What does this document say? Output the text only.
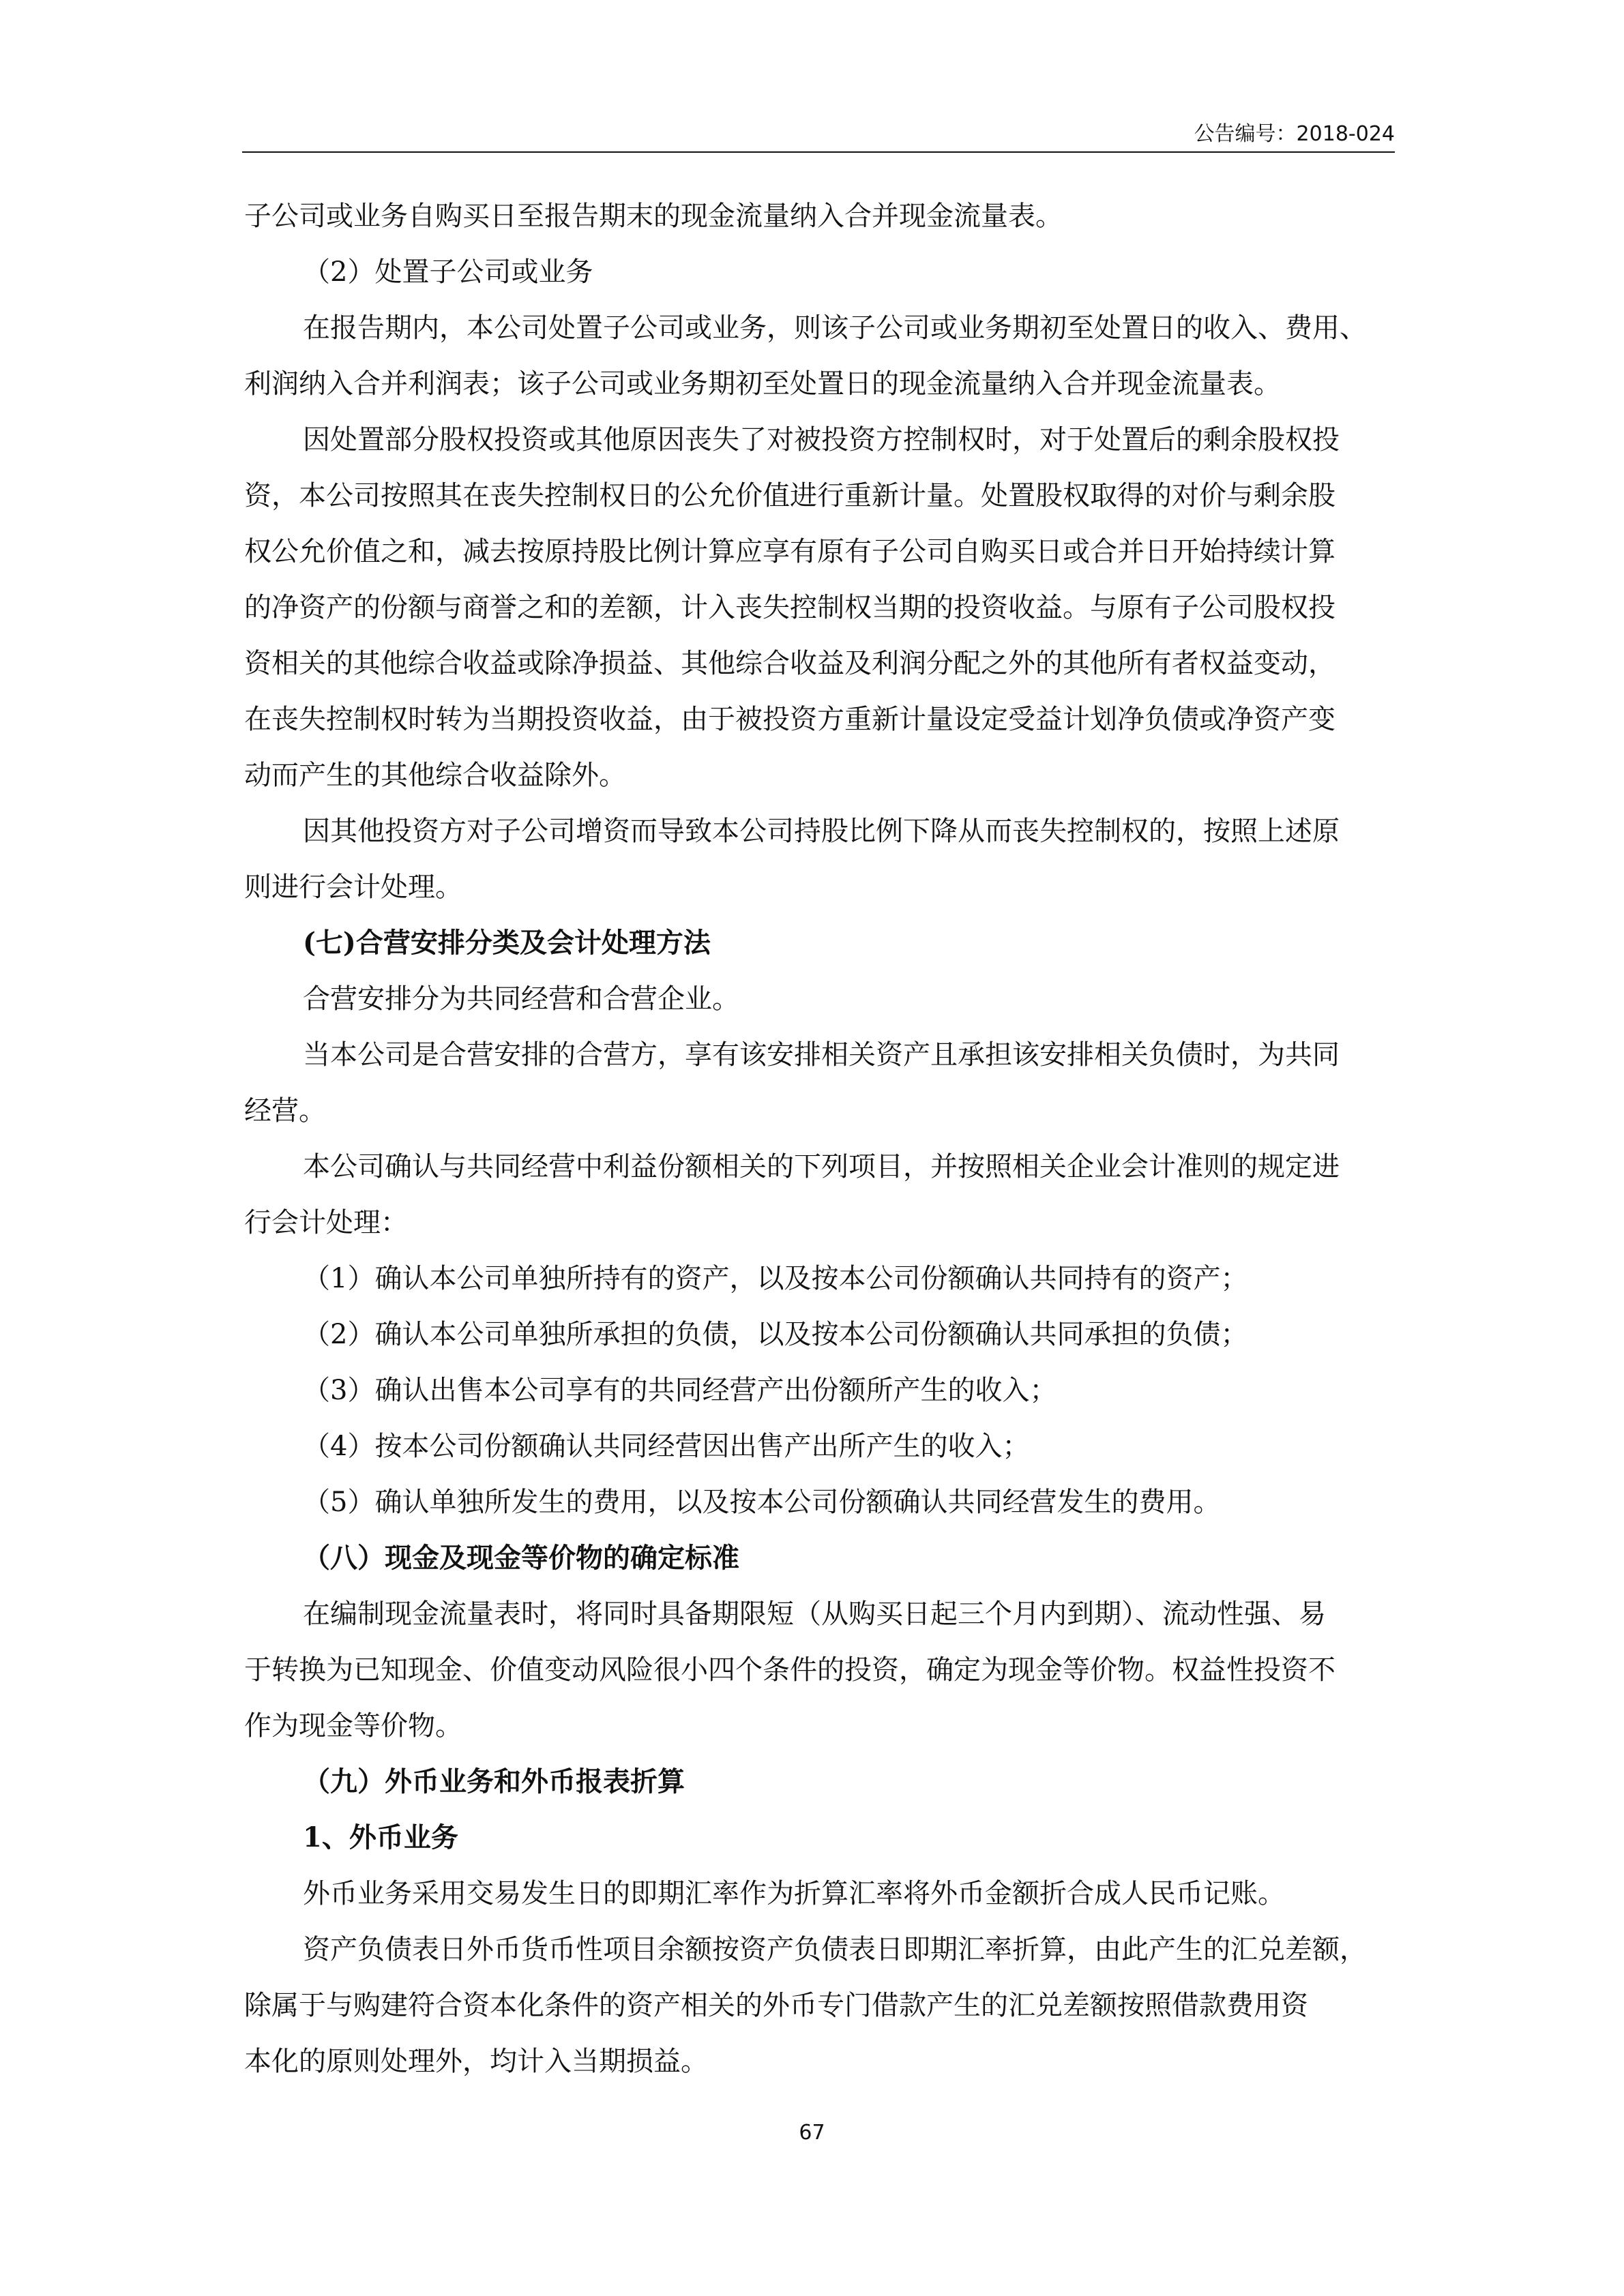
公告编号：2018-024
子公司或业务自购买日至报告期末的现金流量纳入合并现金流量表。
（2）处置子公司或业务
在报告期内，本公司处置子公司或业务，则该子公司或业务期初至处置日的收入、费用、
利润纳入合并利润表；该子公司或业务期初至处置日的现金流量纳入合并现金流量表。
因处置部分股权投资或其他原因丧失了对被投资方控制权时，对于处置后的剩余股权投
资，本公司按照其在丧失控制权日的公允价值进行重新计量。处置股权取得的对价与剩余股
权公允价值之和，减去按原持股比例计算应享有原有子公司自购买日或合并日开始持续计算
的净资产的份额与商誉之和的差额，计入丧失控制权当期的投资收益。与原有子公司股权投
资相关的其他综合收益或除净损益、其他综合收益及利润分配之外的其他所有者权益变动，
在丧失控制权时转为当期投资收益，由于被投资方重新计量设定受益计划净负债或净资产变
动而产生的其他综合收益除外。
因其他投资方对子公司增资而导致本公司持股比例下降从而丧失控制权的，按照上述原
则进行会计处理。
(七)合营安排分类及会计处理方法
合营安排分为共同经营和合营企业。
当本公司是合营安排的合营方，享有该安排相关资产且承担该安排相关负债时，为共同
经营。
本公司确认与共同经营中利益份额相关的下列项目，并按照相关企业会计准则的规定进
行会计处理：
（1）确认本公司单独所持有的资产，以及按本公司份额确认共同持有的资产；
（2）确认本公司单独所承担的负债，以及按本公司份额确认共同承担的负债；
（3）确认出售本公司享有的共同经营产出份额所产生的收入；
（4）按本公司份额确认共同经营因出售产出所产生的收入；
（5）确认单独所发生的费用，以及按本公司份额确认共同经营发生的费用。
（八）现金及现金等价物的确定标准
在编制现金流量表时，将同时具备期限短（从购买日起三个月内到期）、流动性强、易
于转换为已知现金、价值变动风险很小四个条件的投资，确定为现金等价物。权益性投资不
作为现金等价物。
（九）外币业务和外币报表折算
1、外币业务
外币业务采用交易发生日的即期汇率作为折算汇率将外币金额折合成人民币记账。
资产负债表日外币货币性项目余额按资产负债表日即期汇率折算，由此产生的汇兑差额，
除属于与购建符合资本化条件的资产相关的外币专门借款产生的汇兑差额按照借款费用资
本化的原则处理外，均计入当期损益。
67
